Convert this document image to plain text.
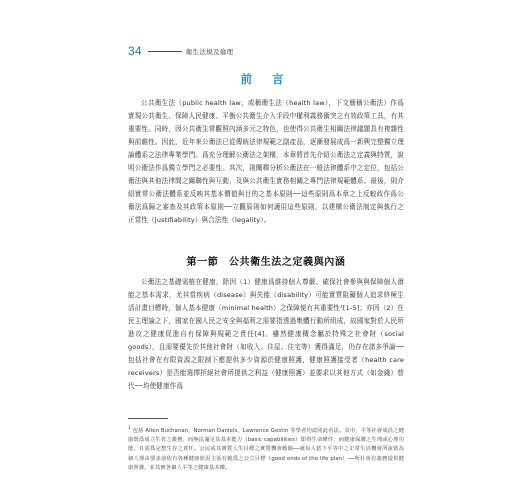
34	衛生法規及倫理
前 言

公共衛生法（public health law，或稱衛生法（health law），下文簡稱公衛法）作爲實現公共衛生、保障人民健康、平衡公共衛生介入手段中權利義務衝突之有效政策工具，有其重要性。同時，因公共衛生常觀照內涵多元之特色，也使得公共衛生相關法律議題具有複雜性與前瞻性。因此，近年來公衛法已從傳統法律規範之副產品，逐漸發展成爲一新興完整獨立理論體系之法律專業學門。爲充分理解公衛法之架構，本章將首先介紹公衛法之定義與特質，說明公衛法作爲獨立學門之必要性。其次，則闡釋分析公衛法在一般法律體系中之定位，包括公衛法與其他法律間之關聯性與互動，及與公共衛生實務相關之專門法律規範體系。最後，則介紹實常公衛法體系並反映其基本價值與目的之基本原則──這些原則爲本章之上反較政作爲公衛法爲歸之審查及其政策本原則──立觀原則如何適用這些原則，以建構公衛法制定與執行之正當性（justifiability）與合法性（legality）。

第一節　公共衛生法之定義與內涵

公衛法之基礎需植在健康，除因（1）健康爲維持個人尊嚴、確保社會參與與保障個人潛能之基本需求，尤其當疾病（disease）與失能（disability）可能實質阻礙個人追求終極生活計畫目標時，個人基本健康（minimal health）之保障便有其重要性¹[1-5]；亦因（2）在民主理論之下，國家在國人民之安全與福利之需要指透過集體行動所組成，故國家對於人民所進攻之健康促進自有保障與規範之責任[4]。雖然健康概念屬於特殊之社會財（social goods），且需要優先於其他社會財（如收入、住屋、住宅等）獲得滿足，仍存在諸多爭論──包括社會在有限資源之限制下應提供多少資源於健康照護，健康照護接受者（health care receivers）是否能選擇拒絕社會所提供之利益（健康照護）並要求以其他方式（如金錢）替代──均使健康作爲

$^1$ 包括 Allen Buchanan、Norman Daniels、Lawrence Gostin 等學者均認同此看法。其中，平等社會成員之健康既爲成立生者之義務，而無法滿足其基本能力（basic capabilities）即得生命條件；而健康保護之生理或心理功能，且需爲完整生存之責任。公民或其實質人生目標之實質機會範圍──就每人當下平等中之正常生活機會所說當為個人理由要求前依有各種健康狀況主張有範爲之公立目標（good ends of the life plan）──所社會有義務提供健康照護，並其實各個人平等之健康基本權。
